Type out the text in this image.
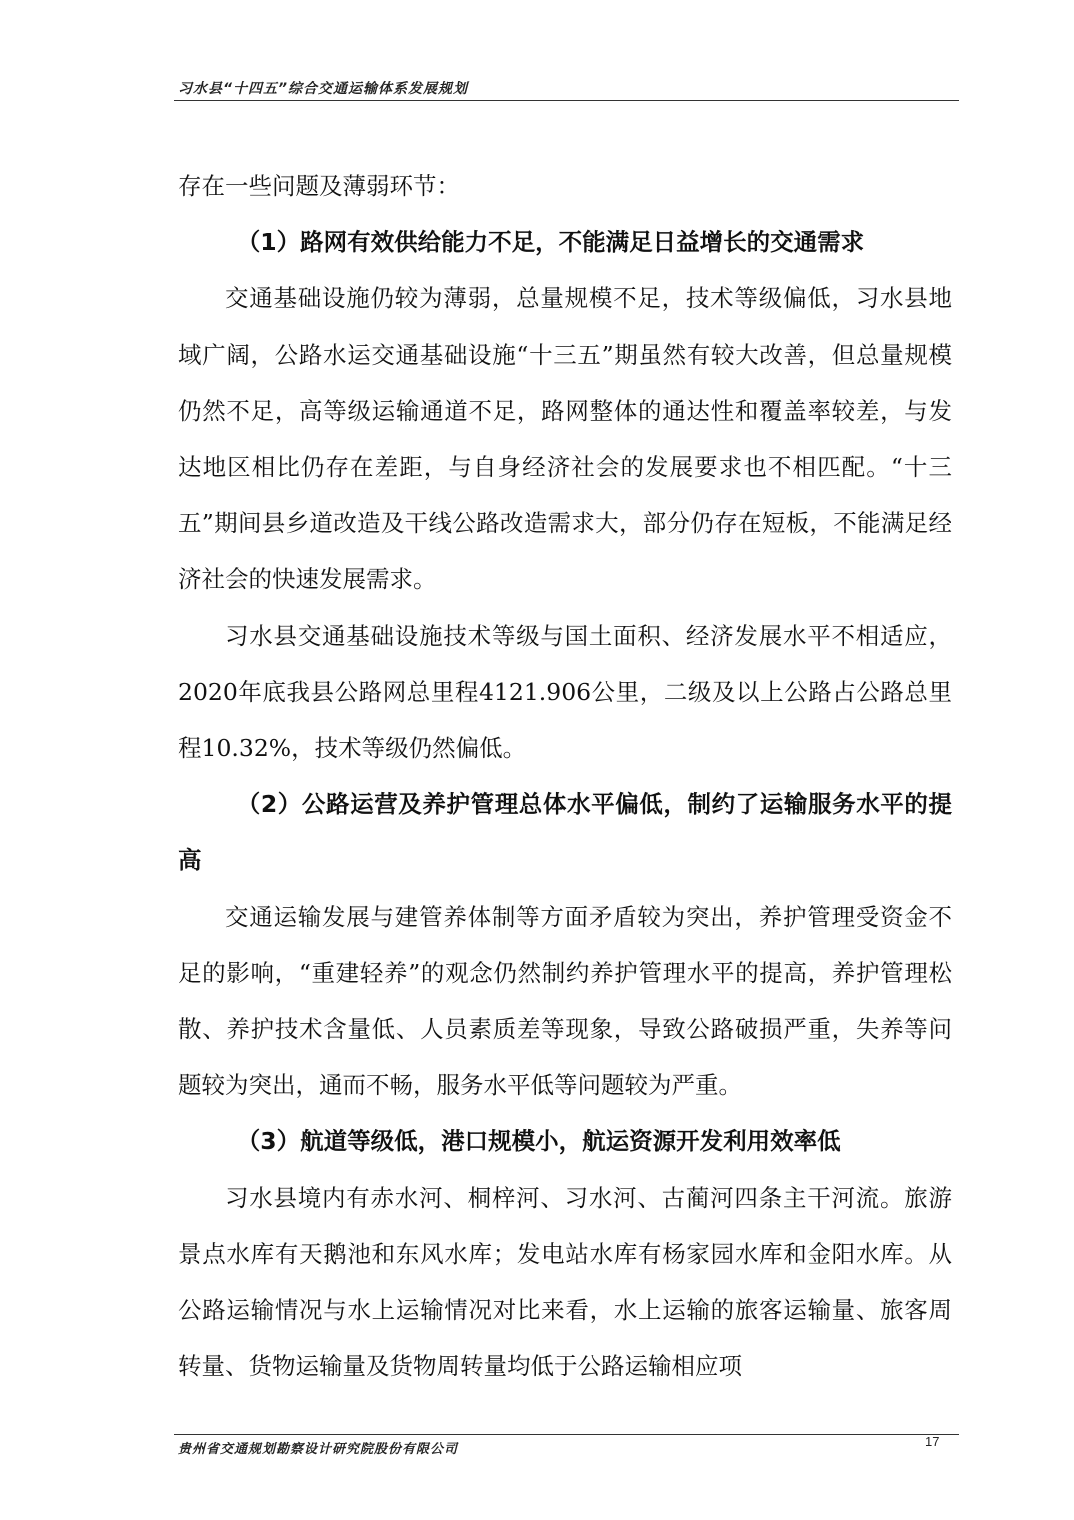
习水县“十四五”综合交通运输体系发展规划

存在一些问题及薄弱环节：

（1）路网有效供给能力不足，不能满足日益增长的交通需求

交通基础设施仍较为薄弱，总量规模不足，技术等级偏低，习水县地域广阔，公路水运交通基础设施“十三五”期虽然有较大改善，但总量规模仍然不足，高等级运输通道不足，路网整体的通达性和覆盖率较差，与发达地区相比仍存在差距，与自身经济社会的发展要求也不相匹配。“十三五”期间县乡道改造及干线公路改造需求大，部分仍存在短板，不能满足经济社会的快速发展需求。

习水县交通基础设施技术等级与国土面积、经济发展水平不相适应，2020年底我县公路网总里程4121.906公里，二级及以上公路占公路总里程10.32%，技术等级仍然偏低。

（2）公路运营及养护管理总体水平偏低，制约了运输服务水平的提高

交通运输发展与建管养体制等方面矛盾较为突出，养护管理受资金不足的影响，“重建轻养”的观念仍然制约养护管理水平的提高，养护管理松散、养护技术含量低、人员素质差等现象，导致公路破损严重，失养等问题较为突出，通而不畅，服务水平低等问题较为严重。

（3）航道等级低，港口规模小，航运资源开发利用效率低

习水县境内有赤水河、桐梓河、习水河、古蔺河四条主干河流。旅游景点水库有天鹅池和东风水库；发电站水库有杨家园水库和金阳水库。从公路运输情况与水上运输情况对比来看，水上运输的旅客运输量、旅客周转量、货物运输量及货物周转量均低于公路运输相应项

贵州省交通规划勘察设计研究院股份有限公司
17
